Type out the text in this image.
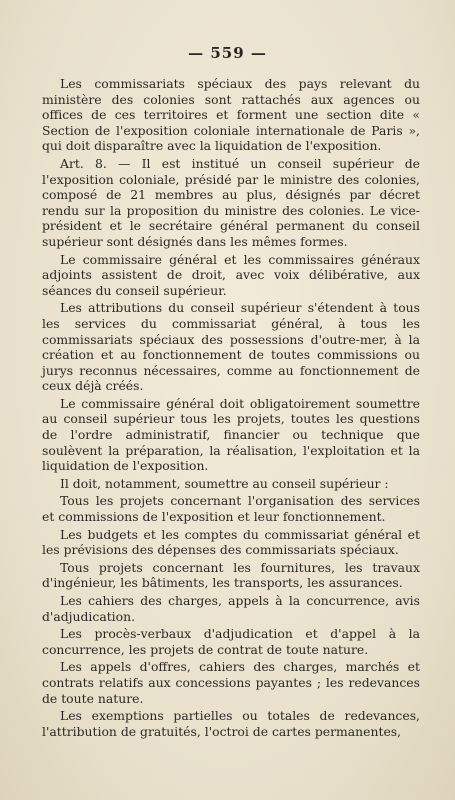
— 559 —

Les commissariats spéciaux des pays relevant du ministère des colonies sont rattachés aux agences ou offices de ces territoires et forment une section dite « Section de l'exposition coloniale internationale de Paris », qui doit disparaître avec la liquidation de l'exposition.

Art. 8. — Il est institué un conseil supérieur de l'exposition coloniale, présidé par le ministre des colonies, composé de 21 membres au plus, désignés par décret rendu sur la proposition du ministre des colonies. Le vice-président et le secrétaire général permanent du conseil supérieur sont désignés dans les mêmes formes.

Le commissaire général et les commissaires généraux adjoints assistent de droit, avec voix délibérative, aux séances du conseil supérieur.

Les attributions du conseil supérieur s'étendent à tous les services du commissariat général, à tous les commissariats spéciaux des possessions d'outre-mer, à la création et au fonctionnement de toutes commissions ou jurys reconnus nécessaires, comme au fonctionnement de ceux déjà créés.

Le commissaire général doit obligatoirement soumettre au conseil supérieur tous les projets, toutes les questions de l'ordre administratif, financier ou technique que soulèvent la préparation, la réalisation, l'exploitation et la liquidation de l'exposition.

Il doit, notamment, soumettre au conseil supérieur :

Tous les projets concernant l'organisation des services et commissions de l'exposition et leur fonctionnement.

Les budgets et les comptes du commissariat général et les prévisions des dépenses des commissariats spéciaux.

Tous projets concernant les fournitures, les travaux d'ingénieur, les bâtiments, les transports, les assurances.

Les cahiers des charges, appels à la concurrence, avis d'adjudication.

Les procès-verbaux d'adjudication et d'appel à la concurrence, les projets de contrat de toute nature.

Les appels d'offres, cahiers des charges, marchés et contrats relatifs aux concessions payantes ; les redevances de toute nature.

Les exemptions partielles ou totales de redevances, l'attribution de gratuités, l'octroi de cartes permanentes,
